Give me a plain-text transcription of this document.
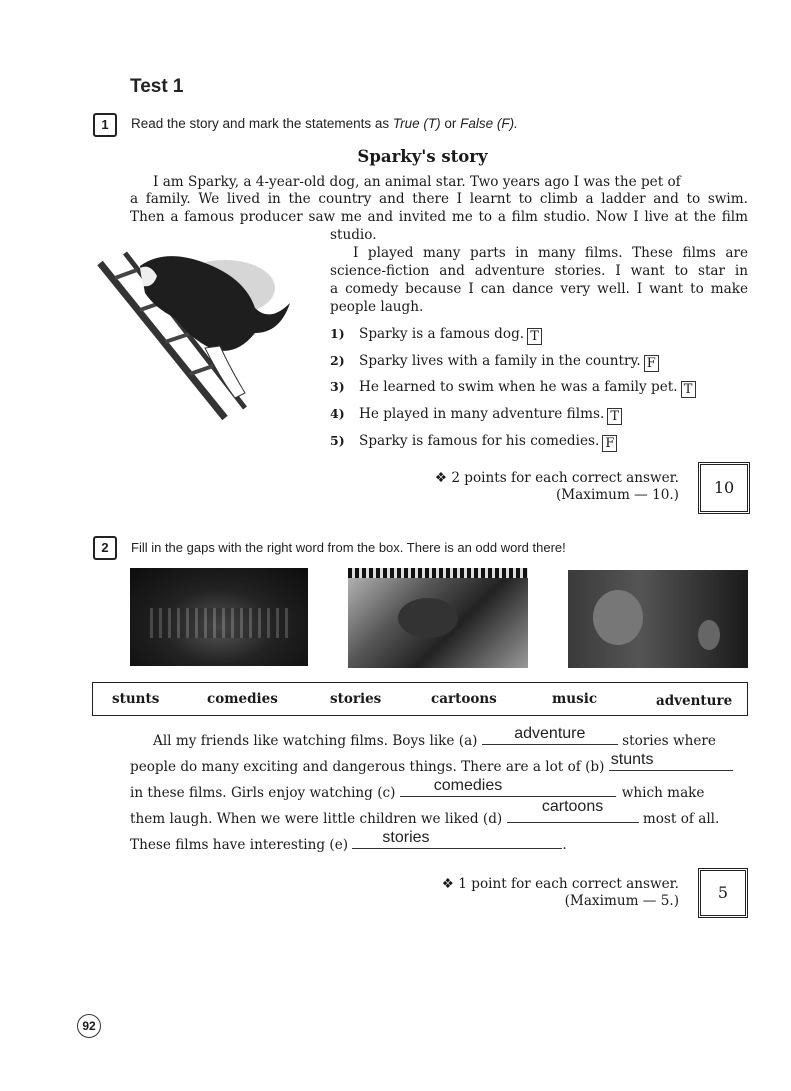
Test 1
1	Read the story and mark the statements as True (T) or False (F).
Sparky's story
I am Sparky, a 4-year-old dog, an animal star. Two years ago I was the pet of
a family. We lived in the country and there I learnt to climb a ladder and to swim.
Then a famous producer saw me and invited me to a film studio. Now I live at the film
studio.
I played many parts in many films. These films are
science-fiction and adventure stories. I want to star in
a comedy because I can dance very well. I want to make
people laugh.
1) Sparky is a famous dog. T
2) Sparky lives with a family in the country. F
3) He learned to swim when he was a family pet. T
4) He played in many adventure films. T
5) Sparky is famous for his comedies. F
❖ 2 points for each correct answer.
(Maximum — 10.)	10
2	Fill in the gaps with the right word from the box. There is an odd word there!
stunts	comedies	stories	cartoons	music	adventure
All my friends like watching films. Boys like (a)	adventure	stories where
people do many exciting and dangerous things. There are a lot of (b) stunts
in these films. Girls enjoy watching (c) comedies	which make
them laugh. When we were little children we liked (d)
cartoons
most of all.
These films have interesting (e) stories	.
❖ 1 point for each correct answer.
(Maximum — 5.)	5
92
